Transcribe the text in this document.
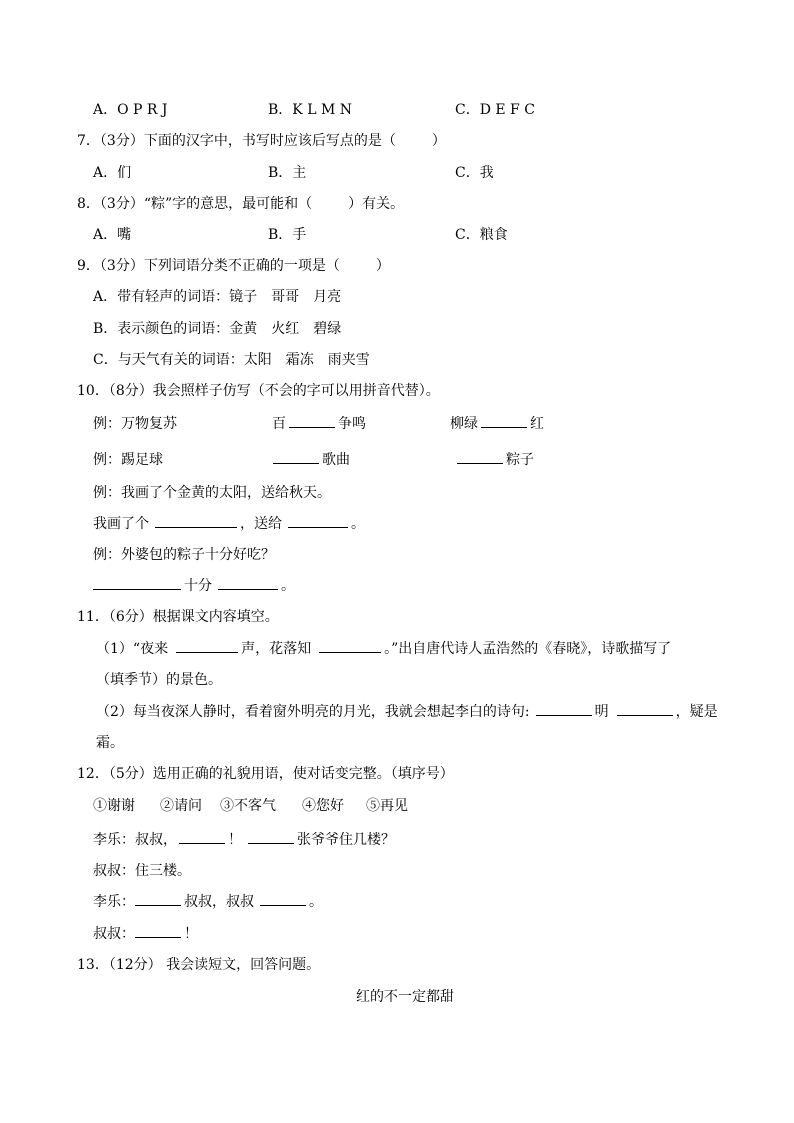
A．O P R J	B．K L M N	C．D E F C
7．（3分）下面的汉字中，书写时应该后写点的是（	）
A．们	B．主	C．我
8．（3分）“粽”字的意思，最可能和（	）有关。
A．嘴	B．手	C．粮食
9．（3分）下列词语分类不正确的一项是（	）
A．带有轻声的词语：镜子　哥哥　月亮
B．表示颜色的词语：金黄　火红　碧绿
C．与天气有关的词语：太阳　霜冻　雨夹雪
10．（8分）我会照样子仿写（不会的字可以用拼音代替）。
例：万物复苏	百	争鸣	柳绿	红
例：踢足球	歌曲	粽子
例：我画了个金黄的太阳，送给秋天。
我画了个	，送给	。
例：外婆包的粽子十分好吃？
十分	。
11．（6分）根据课文内容填空。
（1）“夜来	声，花落知	。”出自唐代诗人孟浩然的《春晓》，诗歌描写了
（填季节）的景色。
（2）每当夜深人静时，看着窗外明亮的月光，我就会想起李白的诗句:	明	，疑是
霜。
12．（5分）选用正确的礼貌用语，使对话变完整。（填序号）
①谢谢 ②请问 ③不客气 ④您好 ⑤再见
李乐：叔叔，	！	张爷爷住几楼？
叔叔：住三楼。
李乐：	叔叔，叔叔	。
叔叔：	！
13．（12分） 我会读短文，回答问题。
红的不一定都甜
